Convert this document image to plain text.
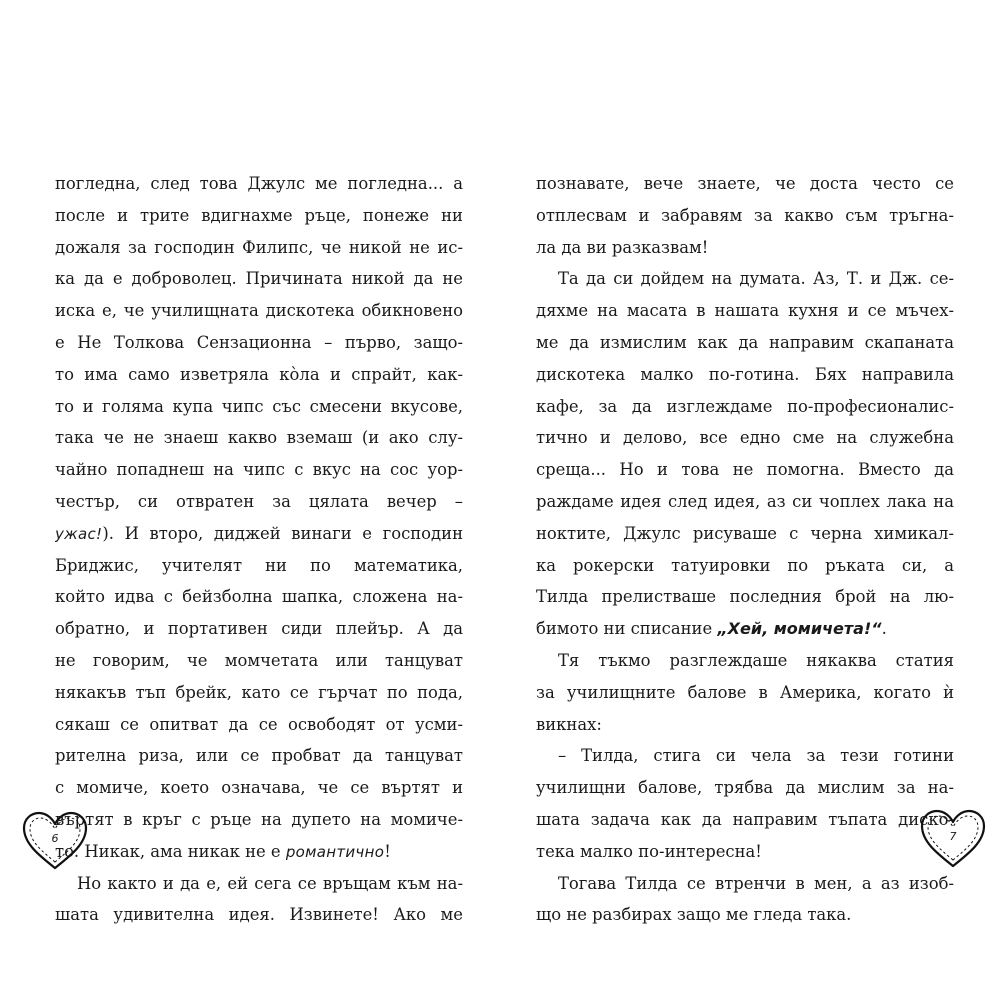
погледна, след това Джулс ме погледна... а
после и трите вдигнахме ръце, понеже ни
дожаля за господин Филипс, че никой не ис-
ка да е доброволец. Причината никой да не
иска е, че училищната дискотека обикновено
е Не Толкова Сензационна – първо, защо-
то има само изветряла кòла и спрайт, как-
то и голяма купа чипс със смесени вкусове,
така че не знаеш какво вземаш (и ако слу-
чайно попаднеш на чипс с вкус на сос уор-
честър, си отвратен за цялата вечер –
ужас!). И второ, диджей винаги е господин
Бриджис, учителят ни по математика,
който идва с бейзболна шапка, сложена на-
обратно, и портативен сиди плейър. А да
не говорим, че момчетата или танцуват
някакъв тъп брейк, като се гърчат по пода,
сякаш се опитват да се освободят от усми-
рителна риза, или се пробват да танцуват
с момиче, което означава, че се въртят и
въртят в кръг с ръце на дупето на момиче-
то. Никак, ама никак не е романтично!
Но както и да е, ей сега се връщам към на-
шата удивителна идея. Извинете! Ако ме
6
познавате, вече знаете, че доста често се
отплесвам и забравям за какво съм тръгна-
ла да ви разказвам!
Та да си дойдем на думата. Аз, Т. и Дж. се-
дяхме на масата в нашата кухня и се мъчех-
ме да измислим как да направим скапаната
дискотека малко по-готина. Бях направила
кафе, за да изглеждаме по-професионалис-
тично и делово, все едно сме на служебна
среща... Но и това не помогна. Вместо да
раждаме идея след идея, аз си чоплех лака на
ноктите, Джулс рисуваше с черна химикал-
ка рокерски татуировки по ръката си, а
Тилда прелистваше последния брой на лю-
бимото ни списание „Хей, момичета!“.
Тя тъкмо разглеждаше някаква статия
за училищните балове в Америка, когато ѝ
викнах:
– Тилда, стига си чела за тези готини
училищни балове, трябва да мислим за на-
шата задача как да направим тъпата диско-
тека малко по-интересна!
Тогава Тилда се втренчи в мен, а аз изоб-
що не разбирах защо ме гледа така.
7
